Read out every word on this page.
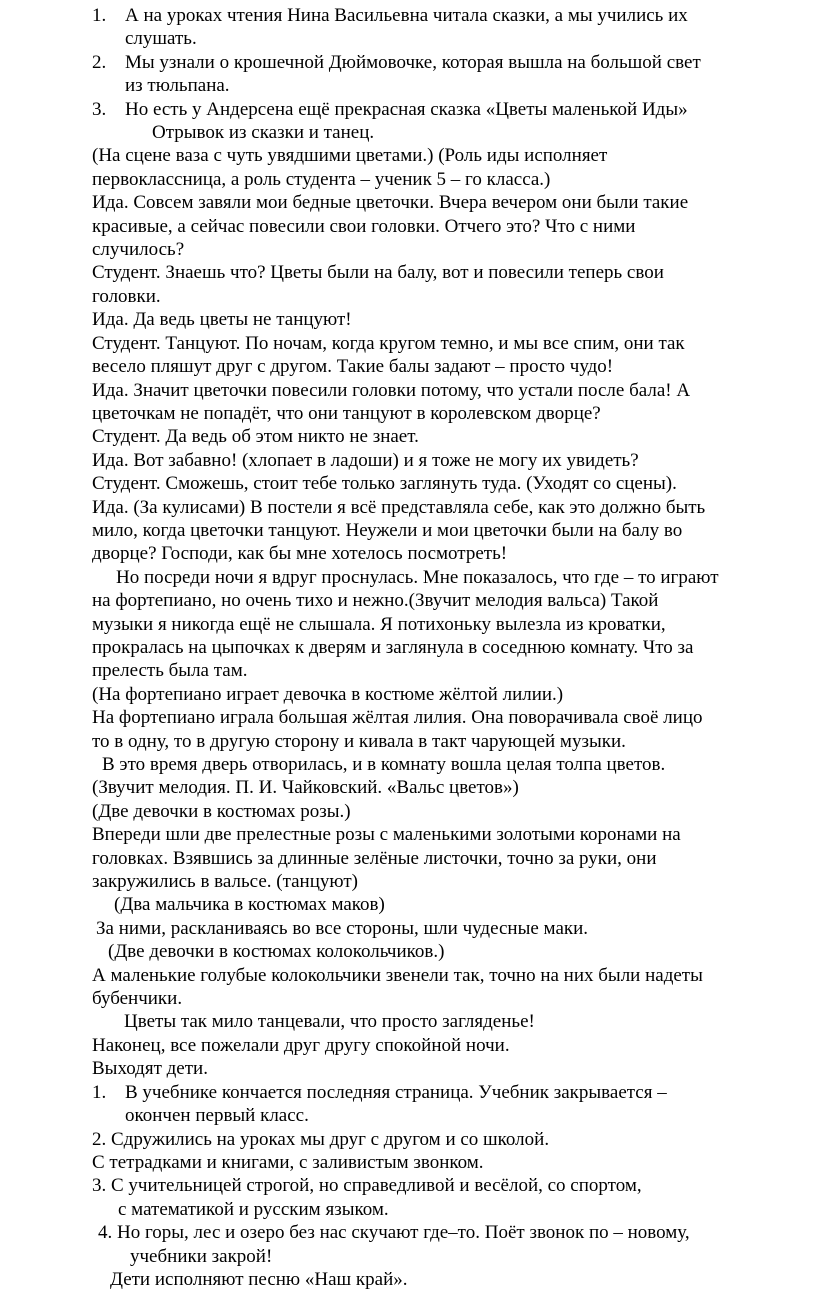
1. А на уроках чтения Нина Васильевна читала сказки, а мы учились их слушать.

2. Мы узнали о крошечной Дюймовочке, которая вышла на большой свет из тюльпана.

3. Но есть у Андерсена ещё прекрасная сказка «Цветы маленькой Иды»

Отрывок из сказки и танец.

(На сцене ваза с чуть увядшими цветами.) (Роль иды исполняет первоклассница, а роль студента – ученик 5 – го класса.)

Ида. Совсем завяли мои бедные цветочки. Вчера вечером они были такие красивые, а сейчас повесили свои головки. Отчего это? Что с ними случилось?

Студент. Знаешь что? Цветы были на балу, вот и повесили теперь свои головки.

Ида. Да ведь цветы не танцуют!

Студент. Танцуют. По ночам, когда кругом темно, и мы все спим, они так весело пляшут друг с другом. Такие балы задают – просто чудо!

Ида. Значит цветочки повесили головки потому, что устали после бала! А цветочкам не попадёт, что они танцуют в королевском дворце?

Студент. Да ведь об этом никто не знает.

Ида. Вот забавно! (хлопает в ладоши) и я тоже не могу их увидеть?

Студент. Сможешь, стоит тебе только заглянуть туда. (Уходят со сцены).

Ида. (За кулисами) В постели я всё представляла себе, как это должно быть мило, когда цветочки танцуют. Неужели и мои цветочки были на балу во дворце? Господи, как бы мне хотелось посмотреть!

Но посреди ночи я вдруг проснулась. Мне показалось, что где – то играют на фортепиано, но очень тихо и нежно.(Звучит мелодия вальса) Такой музыки я никогда ещё не слышала. Я потихоньку вылезла из кроватки, прокралась на цыпочках к дверям и заглянула в соседнюю комнату. Что за прелесть была там.

(На фортепиано играет девочка в костюме жёлтой лилии.)

На фортепиано играла большая жёлтая лилия. Она поворачивала своё лицо то в одну, то в другую сторону и кивала в такт чарующей музыки.

В это время дверь отворилась, и в комнату вошла целая толпа цветов.

(Звучит мелодия. П. И. Чайковский. «Вальс цветов»)

(Две девочки в костюмах розы.)

Впереди шли две прелестные розы с маленькими золотыми коронами на головках. Взявшись за длинные зелёные листочки, точно за руки, они закружились в вальсе. (танцуют)

(Два мальчика в костюмах маков)

За ними, раскланиваясь во все стороны, шли чудесные маки.

(Две девочки в костюмах колокольчиков.)

А маленькие голубые колокольчики звенели так, точно на них были надеты бубенчики.

Цветы так мило танцевали, что просто загляденье!

Наконец, все пожелали друг другу спокойной ночи.

Выходят дети.

1. В учебнике кончается последняя страница. Учебник закрывается – окончен первый класс.

2. Сдружились на уроках мы друг с другом и со школой.

С тетрадками и книгами, с заливистым звонком.

3. С учительницей строгой, но справедливой и весёлой, со спортом,

с математикой и русским языком.

4. Но горы, лес и озеро без нас скучают где–то. Поёт звонок по – новому,

учебники закрой!

Дети исполняют песню «Наш край».
